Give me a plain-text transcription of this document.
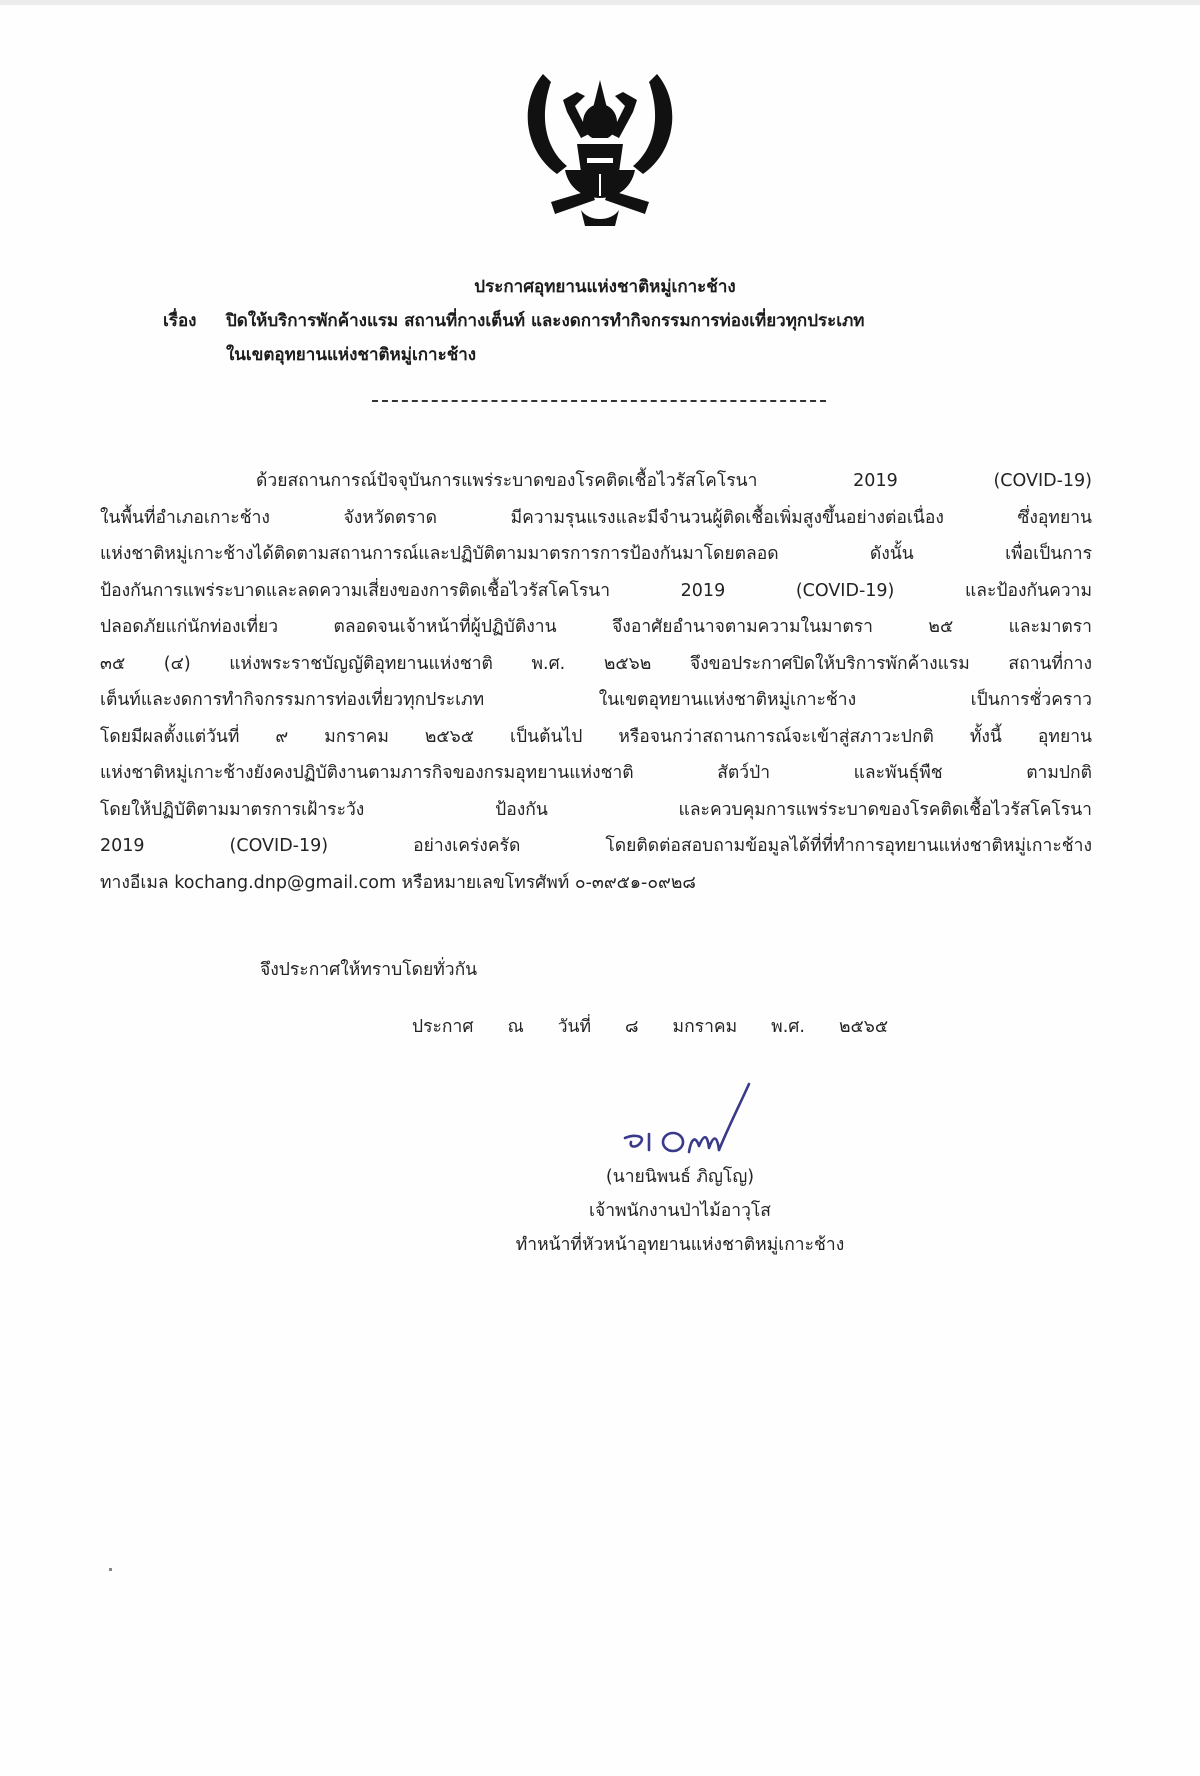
ประกาศอุทยานแห่งชาติหมู่เกาะช้าง
เรื่อง ปิดให้บริการพักค้างแรม สถานที่กางเต็นท์ และงดการทำกิจกรรมการท่องเที่ยวทุกประเภท
ในเขตอุทยานแห่งชาติหมู่เกาะช้าง
ด้วยสถานการณ์ปัจจุบันการแพร่ระบาดของโรคติดเชื้อไวรัสโคโรนา 2019 (COVID-19)
ในพื้นที่อำเภอเกาะช้าง จังหวัดตราด มีความรุนแรงและมีจำนวนผู้ติดเชื้อเพิ่มสูงขึ้นอย่างต่อเนื่อง ซึ่งอุทยาน
แห่งชาติหมู่เกาะช้างได้ติดตามสถานการณ์และปฏิบัติตามมาตรการการป้องกันมาโดยตลอด ดังนั้น เพื่อเป็นการ
ป้องกันการแพร่ระบาดและลดความเสี่ยงของการติดเชื้อไวรัสโคโรนา 2019 (COVID-19) และป้องกันความ
ปลอดภัยแก่นักท่องเที่ยว ตลอดจนเจ้าหน้าที่ผู้ปฏิบัติงาน จึงอาศัยอำนาจตามความในมาตรา ๒๕ และมาตรา
๓๕ (๔) แห่งพระราชบัญญัติอุทยานแห่งชาติ พ.ศ. ๒๕๖๒ จึงขอประกาศปิดให้บริการพักค้างแรม สถานที่กาง
เต็นท์และงดการทำกิจกรรมการท่องเที่ยวทุกประเภท ในเขตอุทยานแห่งชาติหมู่เกาะช้าง เป็นการชั่วคราว
โดยมีผลตั้งแต่วันที่ ๙ มกราคม ๒๕๖๕ เป็นต้นไป หรือจนกว่าสถานการณ์จะเข้าสู่สภาวะปกติ ทั้งนี้ อุทยาน
แห่งชาติหมู่เกาะช้างยังคงปฏิบัติงานตามภารกิจของกรมอุทยานแห่งชาติ สัตว์ป่า และพันธุ์พืช ตามปกติ
โดยให้ปฏิบัติตามมาตรการเฝ้าระวัง ป้องกัน และควบคุมการแพร่ระบาดของโรคติดเชื้อไวรัสโคโรนา
2019 (COVID-19) อย่างเคร่งครัด โดยติดต่อสอบถามข้อมูลได้ที่ที่ทำการอุทยานแห่งชาติหมู่เกาะช้าง
ทางอีเมล kochang.dnp@gmail.com หรือหมายเลขโทรศัพท์ ๐-๓๙๕๑-๐๙๒๘
จึงประกาศให้ทราบโดยทั่วกัน
ประกาศ ณ วันที่ ๘ มกราคม พ.ศ. ๒๕๖๕
(นายนิพนธ์ ภิญโญ)
เจ้าพนักงานป่าไม้อาวุโส
ทำหน้าที่หัวหน้าอุทยานแห่งชาติหมู่เกาะช้าง
